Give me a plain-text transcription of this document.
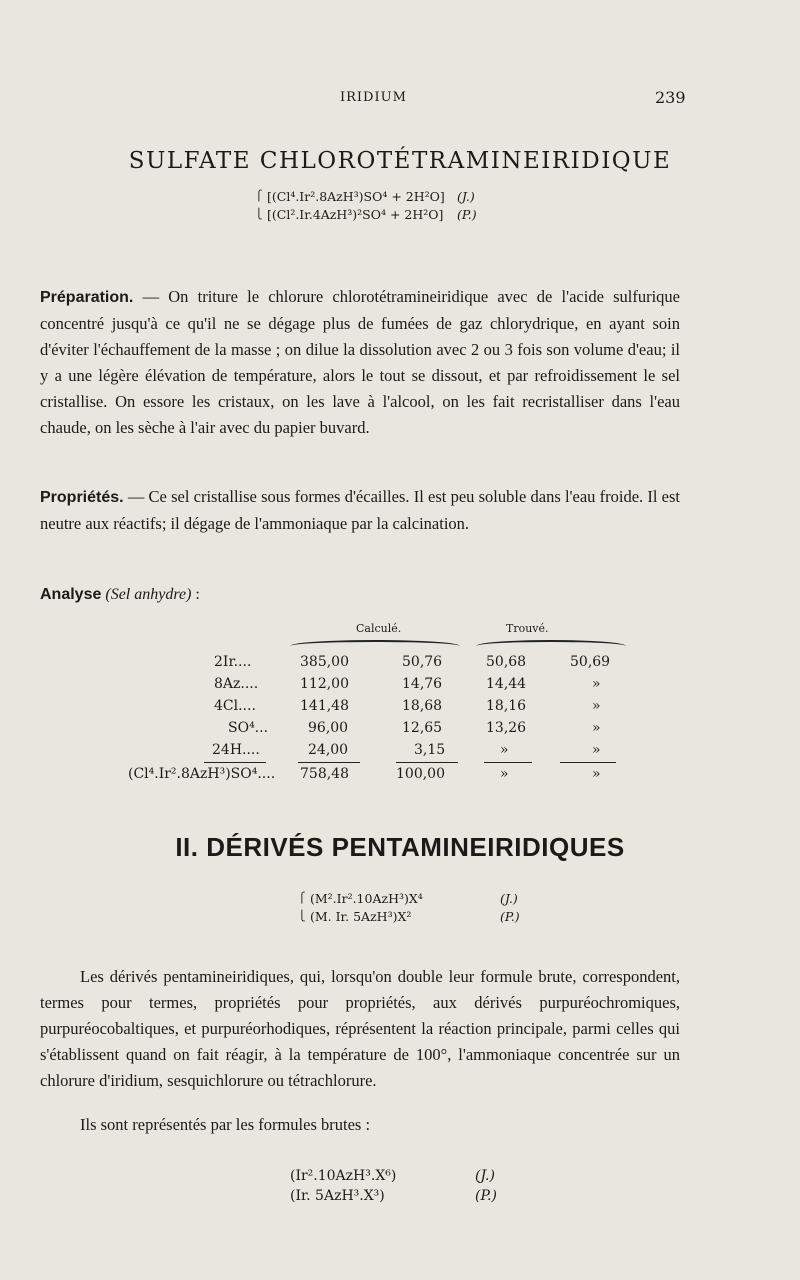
IRIDIUM	239
SULFATE CHLOROTÉTRAMINEIRIDIQUE
⎧ [(Cl⁴.Ir².8AzH³)SO⁴ + 2H²O] (J.)
⎩ [(Cl².Ir.4AzH³)²SO⁴ + 2H²O]	(P.)

Préparation. — On triture le chlorure chlorotétramineiridique avec de l'acide sulfurique concentré jusqu'à ce qu'il ne se dégage plus de fumées de gaz chlorydrique, en ayant soin d'éviter l'échauffement de la masse ; on dilue la dissolution avec 2 ou 3 fois son volume d'eau; il y a une légère élévation de température, alors le tout se dissout, et par refroidissement le sel cristallise. On essore les cristaux, on les lave à l'alcool, on les fait recristalliser dans l'eau chaude, on les sèche à l'air avec du papier buvard.

Propriétés. — Ce sel cristallise sous formes d'écailles. Il est peu soluble dans l'eau froide. Il est neutre aux réactifs; il dégage de l'ammoniaque par la calcination.

Analyse (Sel anhydre) :
Calculé.	Trouvé.
2Ir....	385,00	50,76	50,68	50,69
8Az....	112,00	14,76	14,44	»
4Cl....	141,48	18,68	18,16	»
SO⁴...	96,00	12,65	13,26	»
24H....	24,00	3,15	»	»
(Cl⁴.Ir².8AzH³)SO⁴.... 758,48	100,00	»	»
II. DÉRIVÉS PENTAMINEIRIDIQUES
⎧ (M².Ir².10AzH³)X⁴	(J.)
⎩ (M. Ir. 5AzH³)X²	(P.)

Les dérivés pentamineiridiques, qui, lorsqu'on double leur formule brute, correspondent, termes pour termes, propriétés pour propriétés, aux dérivés purpuréochromiques, purpuréocobaltiques, et purpuréorhodiques, réprésentent la réaction principale, parmi celles qui s'établissent quand on fait réagir, à la température de 100°, l'ammoniaque concentrée sur un chlorure d'iridium, sesquichlorure ou tétrachlorure.

Ils sont représentés par les formules brutes :

(Ir².10AzH³.X⁶)	(J.)
(Ir. 5AzH³.X³)	(P.)
